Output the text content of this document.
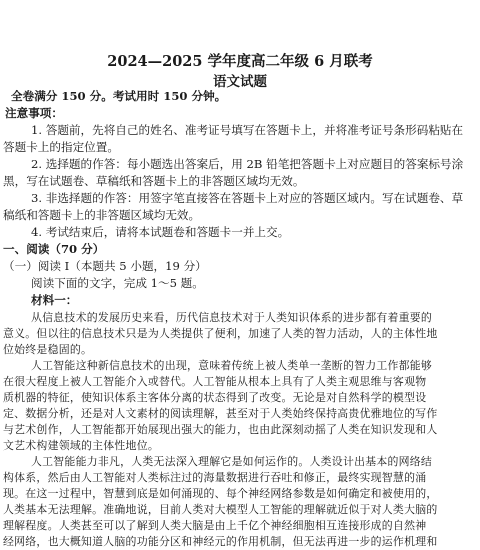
2024—2025 学年度高二年级 6 月联考
语文试题
全卷满分 150 分。考试用时 150 分钟。
注意事项：
1. 答题前，先将自己的姓名、准考证号填写在答题卡上，并将准考证号条形码粘贴在
答题卡上的指定位置。
2. 选择题的作答：每小题选出答案后，用 2B 铅笔把答题卡上对应题目的答案标号涂
黑，写在试题卷、草稿纸和答题卡上的非答题区域均无效。
3. 非选择题的作答：用签字笔直接答在答题卡上对应的答题区域内。写在试题卷、草
稿纸和答题卡上的非答题区域均无效。
4. 考试结束后，请将本试题卷和答题卡一并上交。
一、阅读（70 分）
（一）阅读 I（本题共 5 小题，19 分）
阅读下面的文字，完成 1～5 题。
材料一：
从信息技术的发展历史来看，历代信息技术对于人类知识体系的进步都有着重要的
意义。但以往的信息技术只是为人类提供了便利，加速了人类的智力活动，人的主体性地
位始终是稳固的。
人工智能这种新信息技术的出现，意味着传统上被人类单一垄断的智力工作都能够
在很大程度上被人工智能介入或替代。人工智能从根本上具有了人类主观思维与客观物
质机器的特征，使知识体系主客体分离的状态得到了改变。无论是对自然科学的模型设
定、数据分析，还是对人文素材的阅读理解，甚至对于人类始终保持高贵优雅地位的写作
与艺术创作，人工智能都开始展现出强大的能力，也由此深刻动摇了人类在知识发现和人
文艺术构建领域的主体性地位。
人工智能能力非凡，人类无法深入理解它是如何运作的。人类设计出基本的网络结
构体系，然后由人工智能对人类标注过的海量数据进行吞吐和修正，最终实现智慧的涌
现。在这一过程中，智慧到底是如何涌现的、每个神经网络参数是如何确定和被使用的，
人类基本无法理解。准确地说，目前人类对大模型人工智能的理解就近似于对人类大脑的
理解程度。人类甚至可以了解到人类大脑是由上千亿个神经细胞相互连接形成的自然神
经网络，也大概知道人脑的功能分区和神经元的作用机制，但无法再进一步的运作机理和
